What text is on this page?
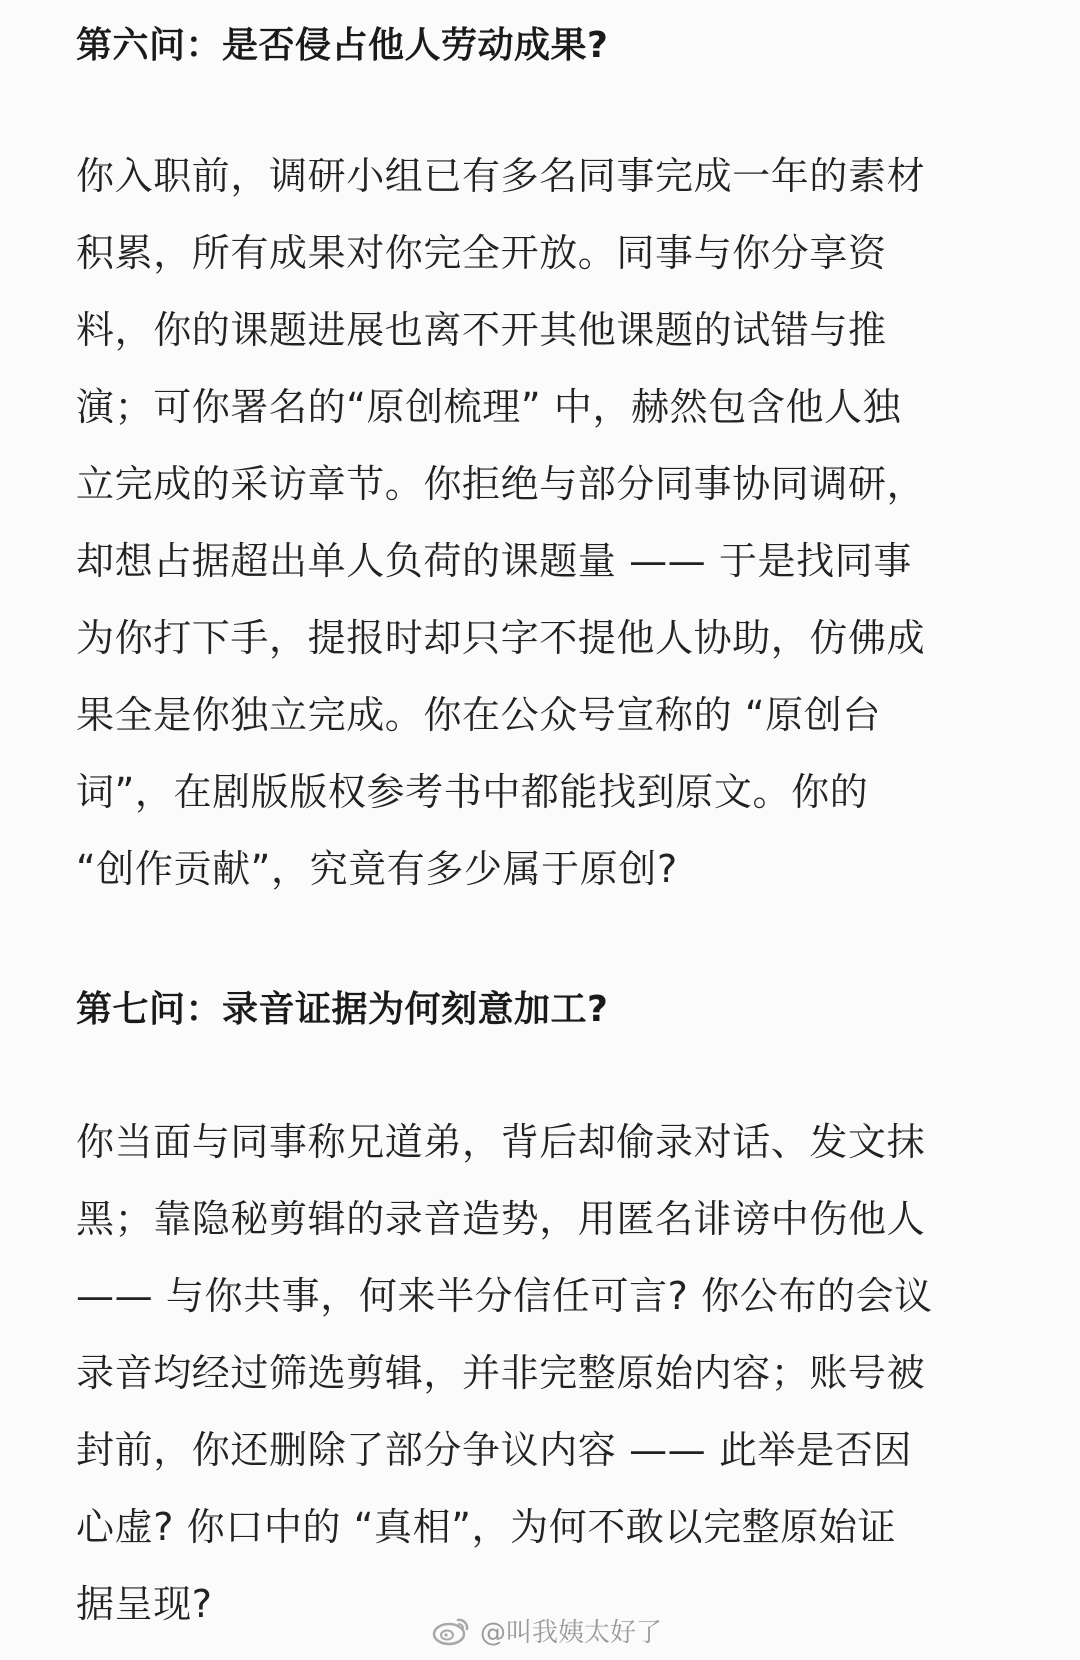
第六问：是否侵占他人劳动成果?
你入职前，调研小组已有多名同事完成一年的素材
积累，所有成果对你完全开放。同事与你分享资
料，你的课题进展也离不开其他课题的试错与推
演；可你署名的“原创梳理” 中，赫然包含他人独
立完成的采访章节。你拒绝与部分同事协同调研，
却想占据超出单人负荷的课题量 —— 于是找同事
为你打下手，提报时却只字不提他人协助，仿佛成
果全是你独立完成。你在公众号宣称的 “原创台
词”，在剧版版权参考书中都能找到原文。你的
“创作贡献”，究竟有多少属于原创?
第七问：录音证据为何刻意加工?
你当面与同事称兄道弟，背后却偷录对话、发文抹
黑；靠隐秘剪辑的录音造势，用匿名诽谤中伤他人
—— 与你共事，何来半分信任可言? 你公布的会议
录音均经过筛选剪辑，并非完整原始内容；账号被
封前，你还删除了部分争议内容 —— 此举是否因
心虚? 你口中的 “真相”，为何不敢以完整原始证
据呈现?
@叫我姨太好了
